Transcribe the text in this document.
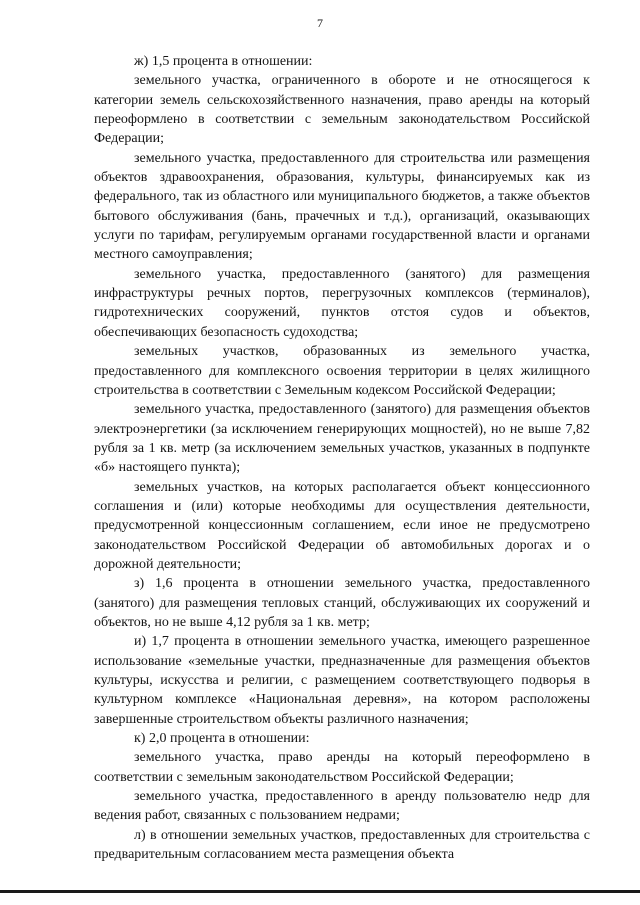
7

ж) 1,5 процента в отношении:

земельного участка, ограниченного в обороте и не относящегося к категории земель сельскохозяйственного назначения, право аренды на который переоформлено в соответствии с земельным законодательством Российской Федерации;

земельного участка, предоставленного для строительства или размещения объектов здравоохранения, образования, культуры, финансируемых как из федерального, так из областного или муниципального бюджетов, а также объектов бытового обслуживания (бань, прачечных и т.д.), организаций, оказывающих услуги по тарифам, регулируемым органами государственной власти и органами местного самоуправления;

земельного участка, предоставленного (занятого) для размещения инфраструктуры речных портов, перегрузочных комплексов (терминалов), гидротехнических сооружений, пунктов отстоя судов и объектов, обеспечивающих безопасность судоходства;

земельных участков, образованных из земельного участка, предоставленного для комплексного освоения территории в целях жилищного строительства в соответствии с Земельным кодексом Российской Федерации;

земельного участка, предоставленного (занятого) для размещения объектов электроэнергетики (за исключением генерирующих мощностей), но не выше 7,82 рубля за 1 кв. метр (за исключением земельных участков, указанных в подпункте «б» настоящего пункта);

земельных участков, на которых располагается объект концессионного соглашения и (или) которые необходимы для осуществления деятельности, предусмотренной концессионным соглашением, если иное не предусмотрено законодательством Российской Федерации об автомобильных дорогах и о дорожной деятельности;

з) 1,6 процента в отношении земельного участка, предоставленного (занятого) для размещения тепловых станций, обслуживающих их сооружений и объектов, но не выше 4,12 рубля за 1 кв. метр;

и) 1,7 процента в отношении земельного участка, имеющего разрешенное использование «земельные участки, предназначенные для размещения объектов культуры, искусства и религии, с размещением соответствующего подворья в культурном комплексе «Национальная деревня», на котором расположены завершенные строительством объекты различного назначения;

к) 2,0 процента в отношении:

земельного участка, право аренды на который переоформлено в соответствии с земельным законодательством Российской Федерации;

земельного участка, предоставленного в аренду пользователю недр для ведения работ, связанных с пользованием недрами;

л) в отношении земельных участков, предоставленных для строительства с предварительным согласованием места размещения объекта
